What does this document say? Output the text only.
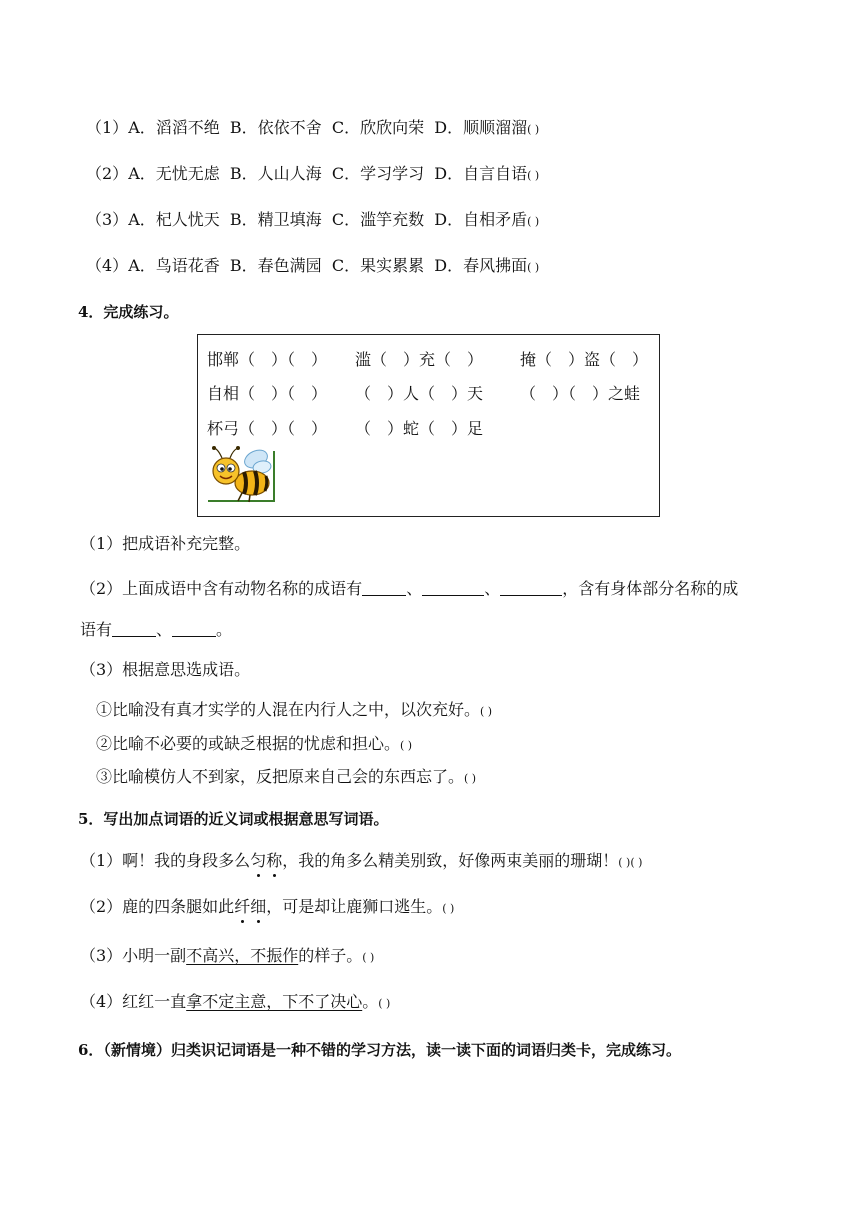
（1）A．滔滔不绝 B．依依不舍 C．欣欣向荣 D．顺顺溜溜( )
（2）A．无忧无虑 B．人山人海 C．学习学习 D．自言自语( )
（3）A．杞人忧天 B．精卫填海 C．滥竽充数 D．自相矛盾( )
（4）A．鸟语花香 B．春色满园 C．果实累累 D．春风拂面( )
4．完成练习。
邯郸（　）（　） 滥（　）充（　） 掩（　）盗（　）
自相（　）（　） （　）人（　）天 （　）（　）之蛙
杯弓（　）（　） （　）蛇（　）足
（1）把成语补充完整。
（2）上面成语中含有动物名称的成语有	、	、	，含有身体部分名称的成
语有	、	。
（3）根据意思选成语。
①比喻没有真才实学的人混在内行人之中，以次充好。( )
②比喻不必要的或缺乏根据的忧虑和担心。( )
③比喻模仿人不到家，反把原来自己会的东西忘了。( )
5．写出加点词语的近义词或根据意思写词语。
（1）啊！我的身段多么匀称，我的角多么精美别致，好像两束美丽的珊瑚！( )( )
（2）鹿的四条腿如此纤细，可是却让鹿狮口逃生。( )
（3）小明一副不高兴，不振作的样子。( )
（4）红红一直拿不定主意，下不了决心。( )
6．（新情境）归类识记词语是一种不错的学习方法，读一读下面的词语归类卡，完成练习。
